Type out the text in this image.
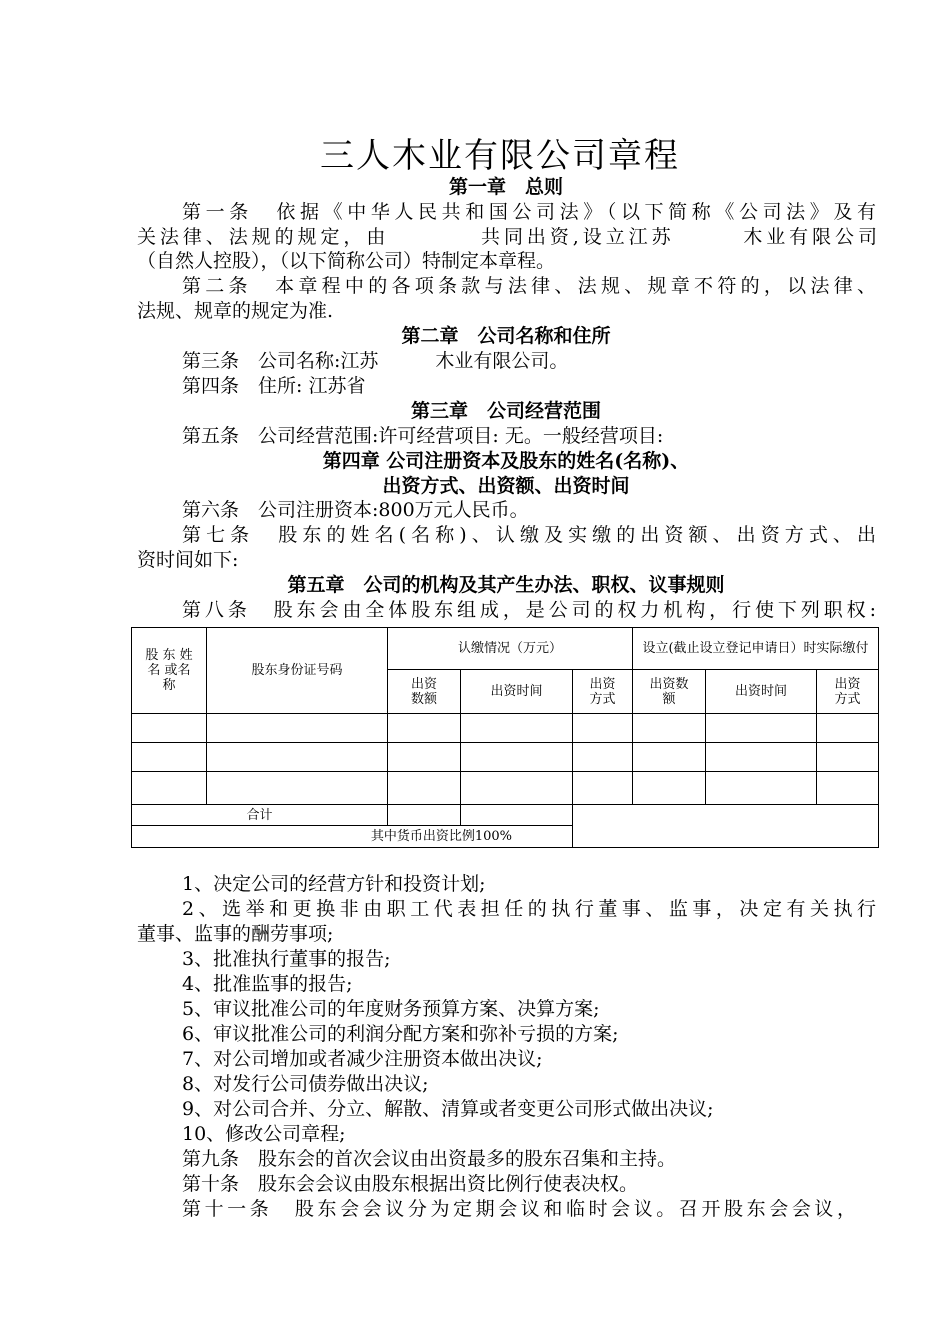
三人木业有限公司章程
第一章　总则
第一条　依据《中华人民共和国公司法》（以下简称《公司法》及有
关法律、法规的规定，由　　　　共同出资,设立江苏　　　木业有限公司
（自然人控股），（以下简称公司）特制定本章程。
第二条　本章程中的各项条款与法律、法规、规章不符的，以法律、
法规、规章的规定为准.
第二章　公司名称和住所
第三条　公司名称:江苏　　　木业有限公司。
第四条　住所: 江苏省
第三章　公司经营范围
第五条　公司经营范围:许可经营项目: 无。一般经营项目:
第四章 公司注册资本及股东的姓名(名称)、
出资方式、出资额、出资时间
第六条　公司注册资本:800万元人民币。
第七条　股东的姓名(名称)、认缴及实缴的出资额、出资方式、出
资时间如下:
第五章　公司的机构及其产生办法、职权、议事规则
第八条　股东会由全体股东组成，是公司的权力机构，行使下列职权:
股 东 姓 名 或名称	股东身份证号码	认缴情况（万元）			设立(截止设立登记申请日）时实际缴付		
		出资数额	出资时间	出资方式	出资数额	出资时间	出资方式

合计							
其中货币出资比例100%							
1、决定公司的经营方针和投资计划;
2、选举和更换非由职工代表担任的执行董事、监事，决定有关执行
董事、监事的酬劳事项;
3、批准执行董事的报告;
4、批准监事的报告;
5、审议批准公司的年度财务预算方案、决算方案;
6、审议批准公司的利润分配方案和弥补亏损的方案;
7、对公司增加或者减少注册资本做出决议;
8、对发行公司债券做出决议;
9、对公司合并、分立、解散、清算或者变更公司形式做出决议;
10、修改公司章程;
第九条　股东会的首次会议由出资最多的股东召集和主持。
第十条　股东会会议由股东根据出资比例行使表决权。
第十一条　股东会会议分为定期会议和临时会议。召开股东会会议，
